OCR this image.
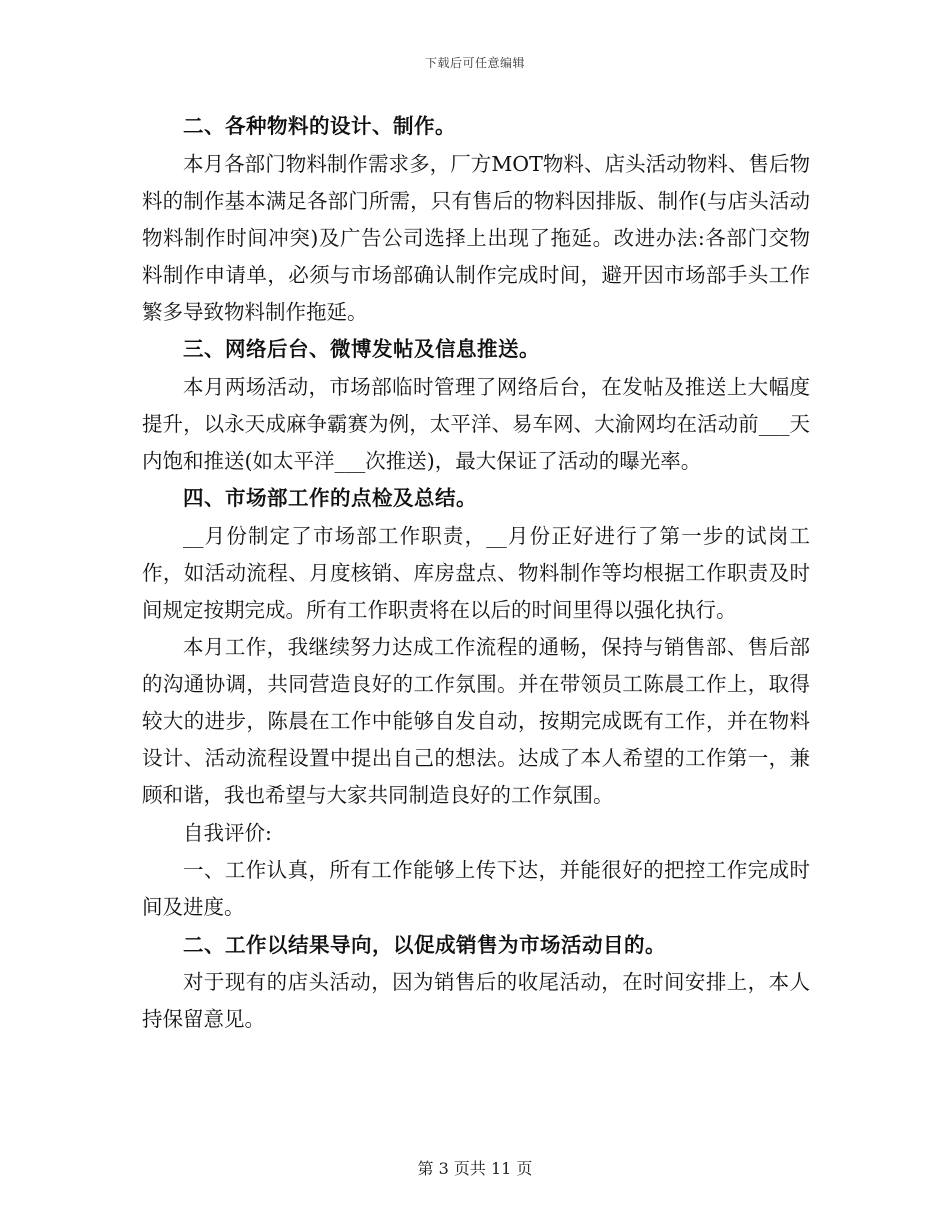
下载后可任意编辑

二、各种物料的设计、制作。

本月各部门物料制作需求多，厂方MOT物料、店头活动物料、售后物料的制作基本满足各部门所需，只有售后的物料因排版、制作(与店头活动物料制作时间冲突)及广告公司选择上出现了拖延。改进办法:各部门交物料制作申请单，必须与市场部确认制作完成时间，避开因市场部手头工作繁多导致物料制作拖延。

三、网络后台、微博发帖及信息推送。

本月两场活动，市场部临时管理了网络后台，在发帖及推送上大幅度提升，以永天成麻争霸赛为例，太平洋、易车网、大渝网均在活动前___天内饱和推送(如太平洋___次推送)，最大保证了活动的曝光率。

四、市场部工作的点检及总结。

__月份制定了市场部工作职责，__月份正好进行了第一步的试岗工作，如活动流程、月度核销、库房盘点、物料制作等均根据工作职责及时间规定按期完成。所有工作职责将在以后的时间里得以强化执行。

本月工作，我继续努力达成工作流程的通畅，保持与销售部、售后部的沟通协调，共同营造良好的工作氛围。并在带领员工陈晨工作上，取得较大的进步，陈晨在工作中能够自发自动，按期完成既有工作，并在物料设计、活动流程设置中提出自己的想法。达成了本人希望的工作第一，兼顾和谐，我也希望与大家共同制造良好的工作氛围。

自我评价:

一、工作认真，所有工作能够上传下达，并能很好的把控工作完成时间及进度。

二、工作以结果导向，以促成销售为市场活动目的。

对于现有的店头活动，因为销售后的收尾活动，在时间安排上，本人持保留意见。

第 3 页共 11 页
